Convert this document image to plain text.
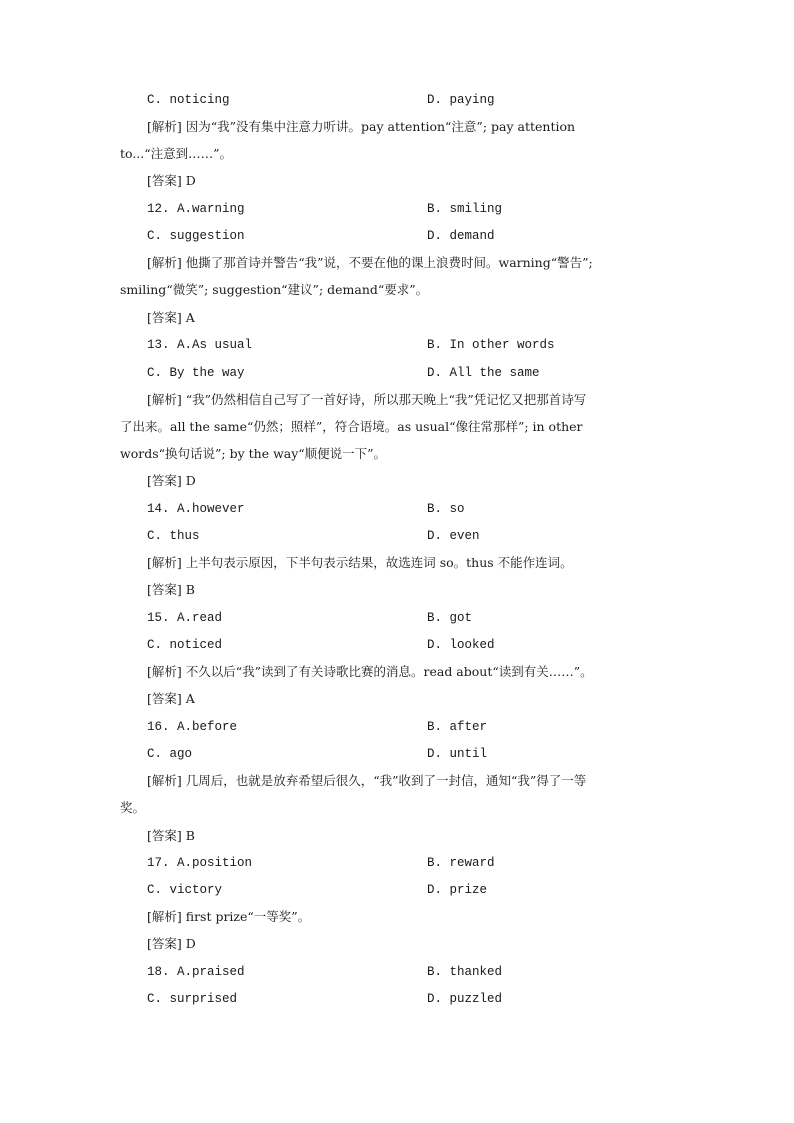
C. noticing	D. paying
[解析] 因为“我”没有集中注意力听讲。pay attention“注意”; pay attention
to...“注意到……”。
[答案] D
12. A.warning	B. smiling
C. suggestion	D. demand
[解析] 他撕了那首诗并警告“我”说，不要在他的课上浪费时间。warning“警告”;
smiling“微笑”; suggestion“建议”; demand“要求”。
[答案] A
13. A.As usual	B. In other words
C. By the way	D. All the same
[解析] “我”仍然相信自己写了一首好诗，所以那天晚上“我”凭记忆又把那首诗写
了出来。all the same“仍然；照样”，符合语境。as usual“像往常那样”; in other
words“换句话说”; by the way“顺便说一下”。
[答案] D
14. A.however	B. so
C. thus	D. even
[解析] 上半句表示原因，下半句表示结果，故选连词 so。thus 不能作连词。
[答案] B
15. A.read	B. got
C. noticed	D. looked
[解析] 不久以后“我”读到了有关诗歌比赛的消息。read about“读到有关……”。
[答案] A
16. A.before	B. after
C. ago	D. until
[解析] 几周后，也就是放弃希望后很久，“我”收到了一封信，通知“我”得了一等
奖。
[答案] B
17. A.position	B. reward
C. victory	D. prize
[解析] first prize“一等奖”。
[答案] D
18. A.praised	B. thanked
C. surprised	D. puzzled
